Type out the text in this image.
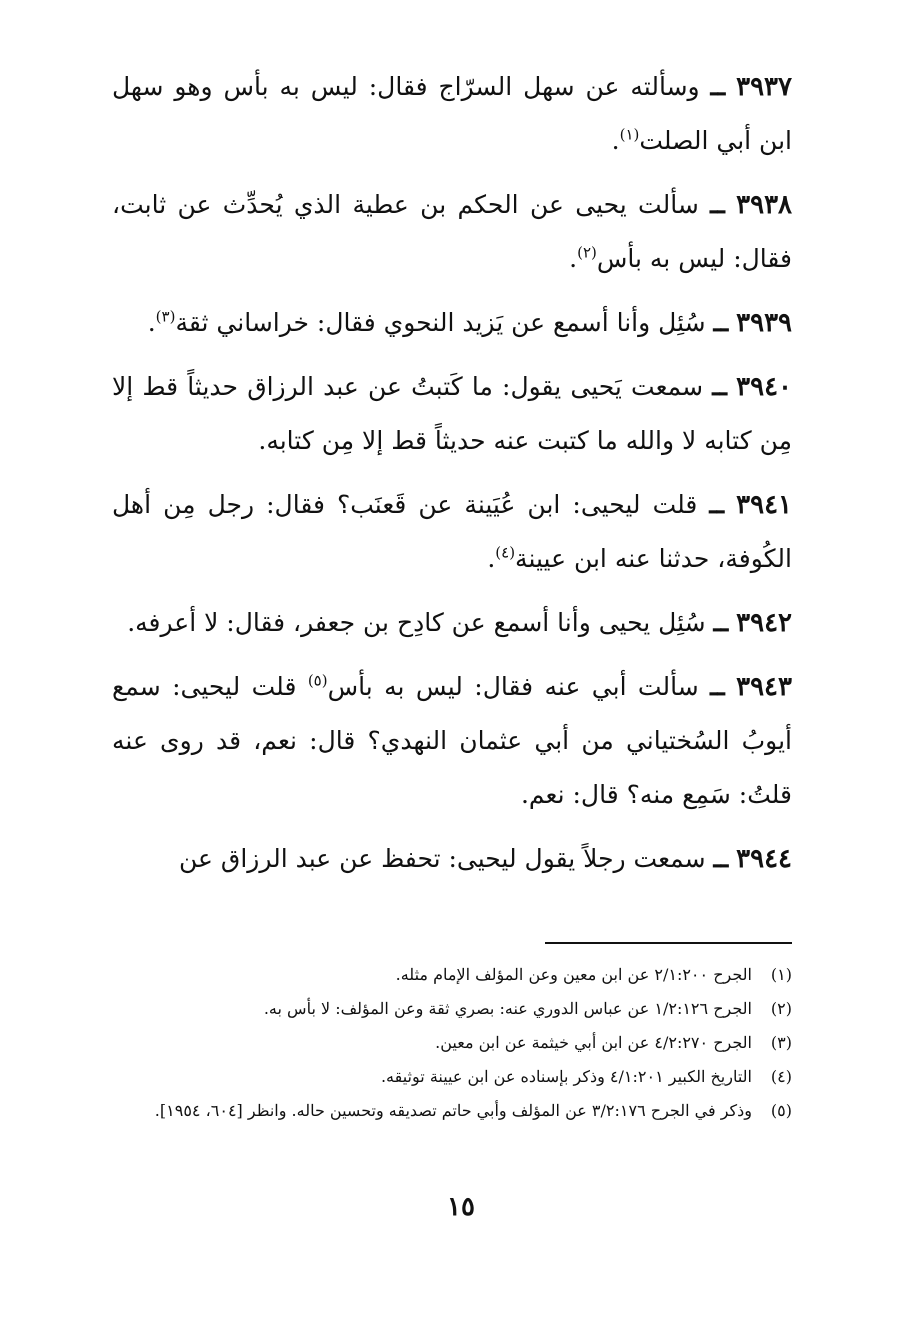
٣٩٣٧ ــ وسألته عن سهل السرّاج فقال: ليس به بأس وهو سهل ابن أبي الصلت$^{(١)}$.

٣٩٣٨ ــ سألت يحيى عن الحكم بن عطية الذي يُحدِّث عن ثابت، فقال: ليس به بأس$^{(٢)}$.

٣٩٣٩ ــ سُئِل وأنا أسمع عن يَزيد النحوي فقال: خراساني ثقة$^{(٣)}$.

٣٩٤٠ ــ سمعت يَحيى يقول: ما كَتبتُ عن عبد الرزاق حديثاً قط إلا مِن كتابه لا والله ما كتبت عنه حديثاً قط إلا مِن كتابه.

٣٩٤١ ــ قلت ليحيى: ابن عُيَينة عن قَعنَب؟ فقال: رجل مِن أهل الكُوفة، حدثنا عنه ابن عيينة$^{(٤)}$.

٣٩٤٢ ــ سُئِل يحيى وأنا أسمع عن كادِح بن جعفر، فقال: لا أعرفه.

٣٩٤٣ ــ سألت أبي عنه فقال: ليس به بأس$^{(٥)}$ قلت ليحيى: سمع أيوبُ السُختياني من أبي عثمان النهدي؟ قال: نعم، قد روى عنه قلتُ: سَمِع منه؟ قال: نعم.

٣٩٤٤ ــ سمعت رجلاً يقول ليحيى: تحفظ عن عبد الرزاق عن

(١)
الجرح ٢/١:٢٠٠ عن ابن معين وعن المؤلف الإمام مثله.
(٢)
الجرح ١/٢:١٢٦ عن عباس الدوري عنه: بصري ثقة وعن المؤلف: لا بأس به.
(٣)
الجرح ٤/٢:٢٧٠ عن ابن أبي خيثمة عن ابن معين.
(٤)
التاريخ الكبير ٤/١:٢٠١ وذكر بإسناده عن ابن عيينة توثيقه.
(٥)
وذكر في الجرح ٣/٢:١٧٦ عن المؤلف وأبي حاتم تصديقه وتحسين حاله. وانظر [٦٠٤، ١٩٥٤].
١٥
